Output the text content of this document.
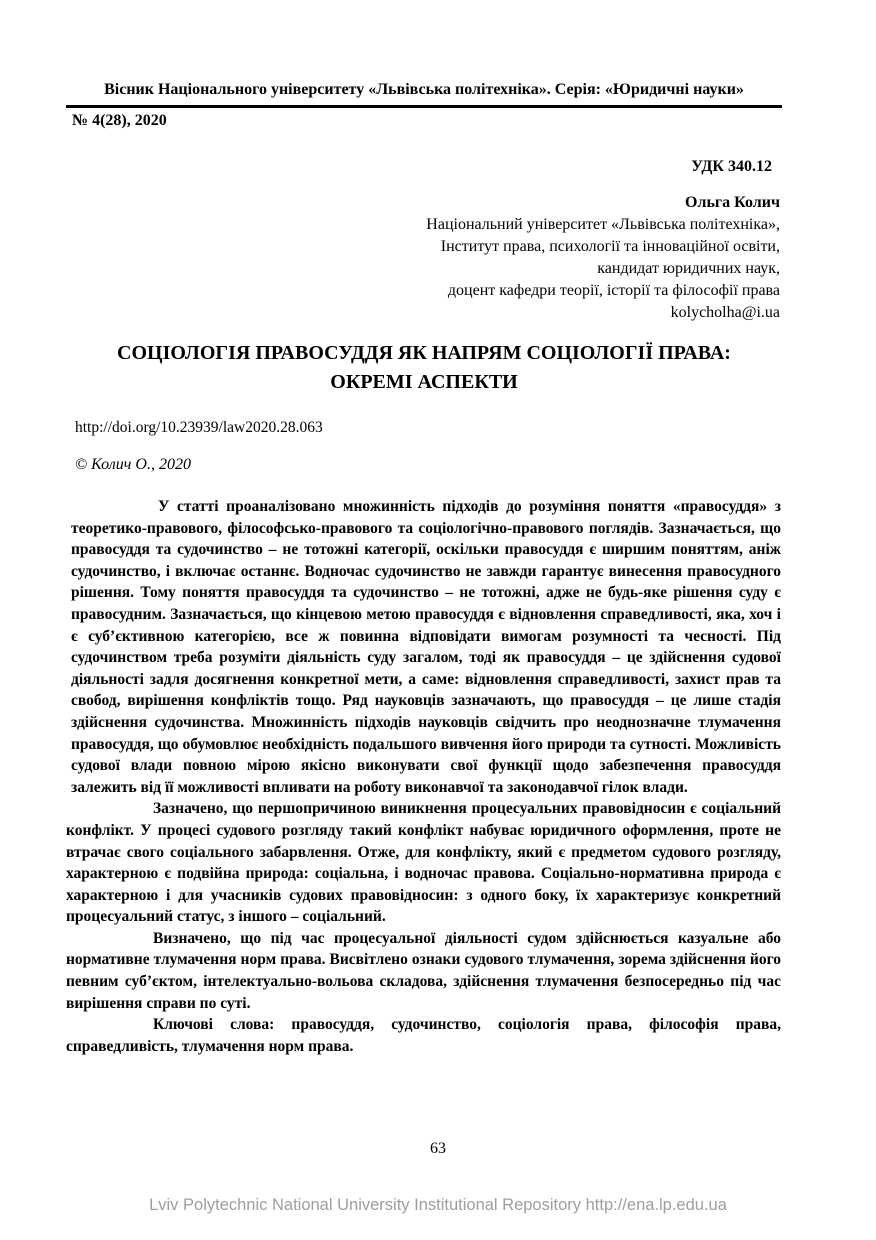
Вісник Національного університету «Львівська політехніка». Серія: «Юридичні науки»
№ 4(28), 2020
УДК 340.12
Ольга Колич
Національний університет «Львівська політехніка»,
Інститут права, психології та інноваційної освіти,
кандидат юридичних наук,
доцент кафедри теорії, історії та філософії права
kolycholha@i.ua
СОЦІОЛОГІЯ ПРАВОСУДДЯ ЯК НАПРЯМ СОЦІОЛОГІЇ ПРАВА:
ОКРЕМІ АСПЕКТИ
http://doi.org/10.23939/law2020.28.063
© Колич О., 2020

У статті проаналізовано множинність підходів до розуміння поняття «правосуддя» з теоретико-правового, філософсько-правового та соціологічно-правового поглядів. Зазначається, що правосуддя та судочинство – не тотожні категорії, оскільки правосуддя є ширшим поняттям, аніж судочинство, і включає останнє. Водночас судочинство не завжди гарантує винесення правосудного рішення. Тому поняття правосуддя та судочинство – не тотожні, адже не будь-яке рішення суду є правосудним. Зазначається, що кінцевою метою правосуддя є відновлення справедливості, яка, хоч і є суб’єктивною категорією, все ж повинна відповідати вимогам розумності та чесності. Під судочинством треба розуміти діяльність суду загалом, тоді як правосуддя – це здійснення судової діяльності задля досягнення конкретної мети, а саме: відновлення справедливості, захист прав та свобод, вирішення конфліктів тощо. Ряд науковців зазначають, що правосуддя – це лише стадія здійснення судочинства. Множинність підходів науковців свідчить про неоднозначне тлумачення правосуддя, що обумовлює необхідність подальшого вивчення його природи та сутності. Можливість судової влади повною мірою якісно виконувати свої функції щодо забезпечення правосуддя залежить від її можливості впливати на роботу виконавчої та законодавчої гілок влади.

Зазначено, що першопричиною виникнення процесуальних правовідносин є соціальний конфлікт. У процесі судового розгляду такий конфлікт набуває юридичного оформлення, проте не втрачає свого соціального забарвлення. Отже, для конфлікту, який є предметом судового розгляду, характерною є подвійна природа: соціальна, і водночас правова. Соціально-нормативна природа є характерною і для учасників судових правовідносин: з одного боку, їх характеризує конкретний процесуальний статус, з іншого – соціальний.

Визначено, що під час процесуальної діяльності судом здійснюється казуальне або нормативне тлумачення норм права. Висвітлено ознаки судового тлумачення, зорема здійснення його певним суб’єктом, інтелектуально-вольова складова, здійснення тлумачення безпосередньо під час вирішення справи по суті.

Ключові слова: правосуддя, судочинство, соціологія права, філософія права, справедливість, тлумачення норм права.

63
Lviv Polytechnic National University Institutional Repository http://ena.lp.edu.ua
